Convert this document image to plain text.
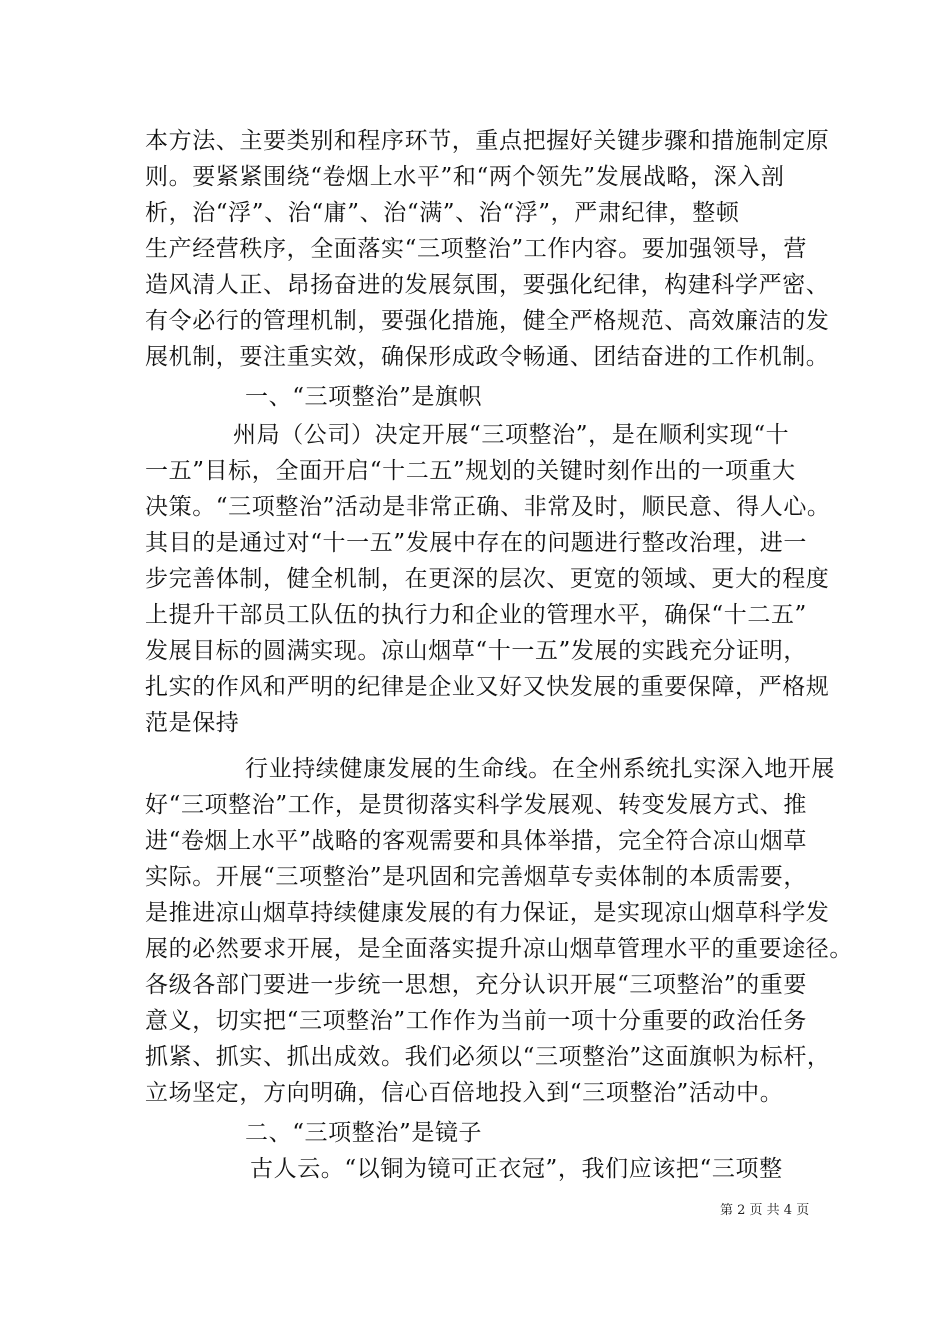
本方法、主要类别和程序环节，重点把握好关键步骤和措施制定原
则。要紧紧围绕“卷烟上水平”和“两个领先”发展战略，深入剖
析，治“浮”、治“庸”、治“满”、治“浮”，严肃纪律，整顿
生产经营秩序，全面落实“三项整治”工作内容。要加强领导，营
造风清人正、昂扬奋进的发展氛围，要强化纪律，构建科学严密、
有令必行的管理机制，要强化措施，健全严格规范、高效廉洁的发
展机制，要注重实效，确保形成政令畅通、团结奋进的工作机制。
一、“三项整治”是旗帜
州局（公司）决定开展“三项整治”，是在顺利实现“十
一五”目标，全面开启“十二五”规划的关键时刻作出的一项重大
决策。“三项整治”活动是非常正确、非常及时，顺民意、得人心。
其目的是通过对“十一五”发展中存在的问题进行整改治理，进一
步完善体制，健全机制，在更深的层次、更宽的领域、更大的程度
上提升干部员工队伍的执行力和企业的管理水平，确保“十二五”
发展目标的圆满实现。凉山烟草“十一五”发展的实践充分证明，
扎实的作风和严明的纪律是企业又好又快发展的重要保障，严格规
范是保持
行业持续健康发展的生命线。在全州系统扎实深入地开展
好“三项整治”工作，是贯彻落实科学发展观、转变发展方式、推
进“卷烟上水平”战略的客观需要和具体举措，完全符合凉山烟草
实际。开展“三项整治”是巩固和完善烟草专卖体制的本质需要，
是推进凉山烟草持续健康发展的有力保证，是实现凉山烟草科学发
展的必然要求开展，是全面落实提升凉山烟草管理水平的重要途径。
各级各部门要进一步统一思想，充分认识开展“三项整治”的重要
意义，切实把“三项整治”工作作为当前一项十分重要的政治任务
抓紧、抓实、抓出成效。我们必须以“三项整治”这面旗帜为标杆，
立场坚定，方向明确，信心百倍地投入到“三项整治”活动中。
二、“三项整治”是镜子
古人云。“以铜为镜可正衣冠”，我们应该把“三项整
第 2 页 共 4 页
